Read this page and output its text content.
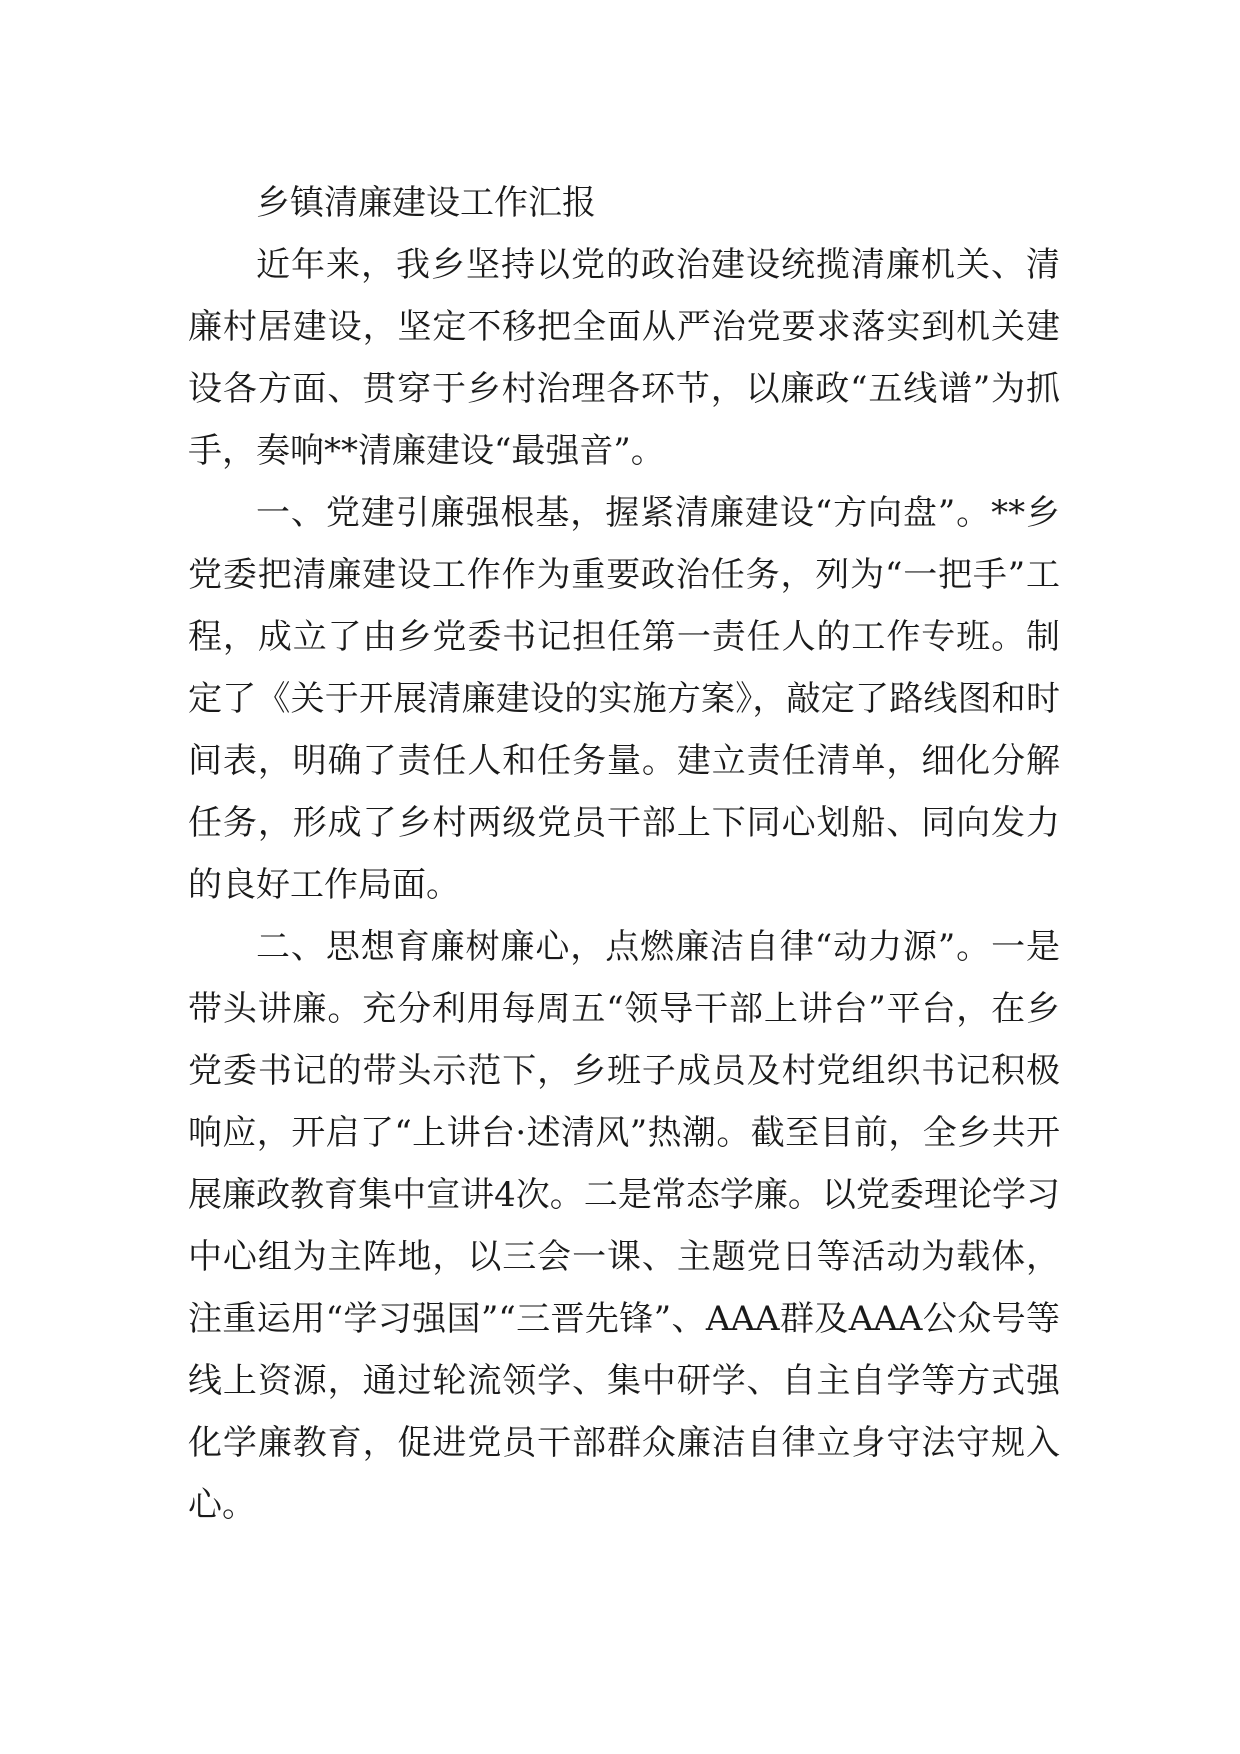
乡镇清廉建设工作汇报

近年来，我乡坚持以党的政治建设统揽清廉机关、清廉村居建设，坚定不移把全面从严治党要求落实到机关建设各方面、贯穿于乡村治理各环节，以廉政“五线谱”为抓手，奏响**清廉建设“最强音”。

一、党建引廉强根基，握紧清廉建设“方向盘”。**乡党委把清廉建设工作作为重要政治任务，列为“一把手”工程，成立了由乡党委书记担任第一责任人的工作专班。制定了《关于开展清廉建设的实施方案》，敲定了路线图和时间表，明确了责任人和任务量。建立责任清单，细化分解任务，形成了乡村两级党员干部上下同心划船、同向发力的良好工作局面。

二、思想育廉树廉心，点燃廉洁自律“动力源”。一是带头讲廉。充分利用每周五“领导干部上讲台”平台，在乡党委书记的带头示范下，乡班子成员及村党组织书记积极响应，开启了“上讲台·述清风”热潮。截至目前，全乡共开展廉政教育集中宣讲4次。二是常态学廉。以党委理论学习中心组为主阵地，以三会一课、主题党日等活动为载体，注重运用“学习强国”“三晋先锋”、AAA群及AAA公众号等线上资源，通过轮流领学、集中研学、自主自学等方式强化学廉教育，促进党员干部群众廉洁自律立身守法守规入心。
